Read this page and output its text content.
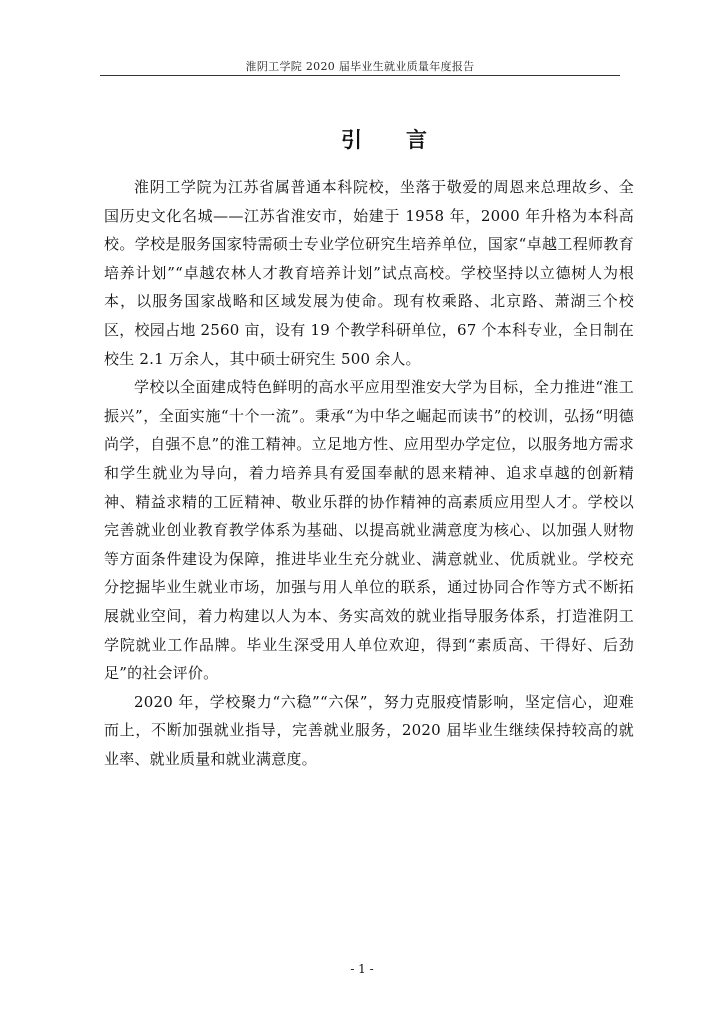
淮阴工学院 2020 届毕业生就业质量年度报告
引言

淮阴工学院为江苏省属普通本科院校，坐落于敬爱的周恩来总理故乡、全国历史文化名城——江苏省淮安市，始建于 1958 年，2000 年升格为本科高校。学校是服务国家特需硕士专业学位研究生培养单位，国家“卓越工程师教育培养计划”“卓越农林人才教育培养计划”试点高校。学校坚持以立德树人为根本，以服务国家战略和区域发展为使命。现有枚乘路、北京路、萧湖三个校区，校园占地 2560 亩，设有 19 个教学科研单位，67 个本科专业，全日制在校生 2.1 万余人，其中硕士研究生 500 余人。

学校以全面建成特色鲜明的高水平应用型淮安大学为目标，全力推进“淮工振兴”，全面实施“十个一流”。秉承“为中华之崛起而读书”的校训，弘扬“明德尚学，自强不息”的淮工精神。立足地方性、应用型办学定位，以服务地方需求和学生就业为导向，着力培养具有爱国奉献的恩来精神、追求卓越的创新精神、精益求精的工匠精神、敬业乐群的协作精神的高素质应用型人才。学校以完善就业创业教育教学体系为基础、以提高就业满意度为核心、以加强人财物等方面条件建设为保障，推进毕业生充分就业、满意就业、优质就业。学校充分挖掘毕业生就业市场，加强与用人单位的联系，通过协同合作等方式不断拓展就业空间，着力构建以人为本、务实高效的就业指导服务体系，打造淮阴工学院就业工作品牌。毕业生深受用人单位欢迎，得到“素质高、干得好、后劲足”的社会评价。

2020 年，学校聚力“六稳”“六保”，努力克服疫情影响，坚定信心，迎难而上，不断加强就业指导，完善就业服务，2020 届毕业生继续保持较高的就业率、就业质量和就业满意度。

- 1 -
